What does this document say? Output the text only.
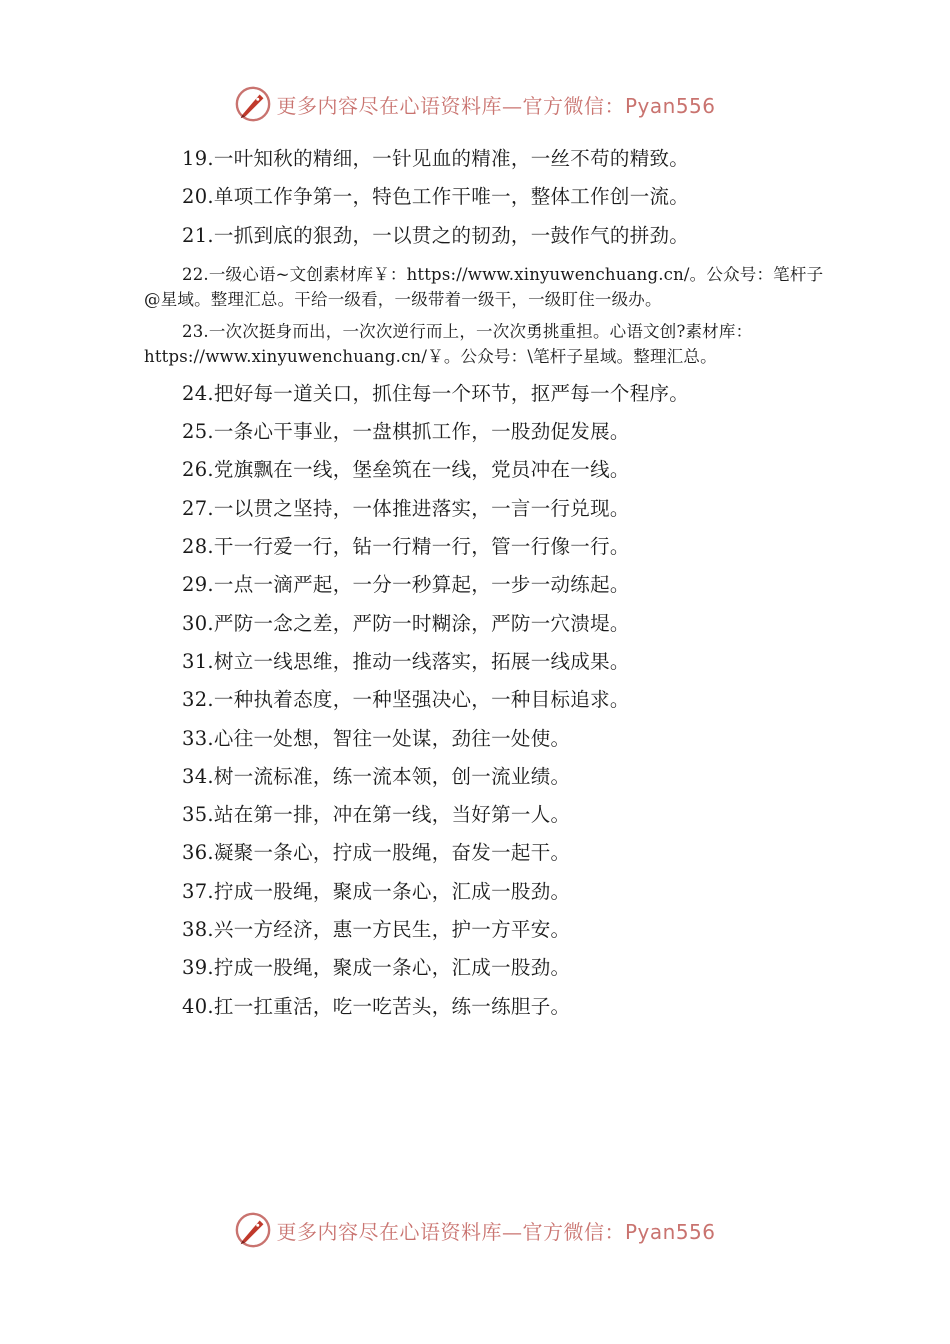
更多内容尽在心语资料库—官方微信：Pyan556
19.一叶知秋的精细，一针见血的精准，一丝不苟的精致。
20.单项工作争第一，特色工作干唯一，整体工作创一流。
21.一抓到底的狠劲，一以贯之的韧劲，一鼓作气的拼劲。
22.一级心语~文创素材库￥：https://www.xinyuwenchuang.cn/。公众号：笔杆子@星域。整理汇总。干给一级看，一级带着一级干，一级盯住一级办。
23.一次次挺身而出，一次次逆行而上，一次次勇挑重担。心语文创?素材库：https://www.xinyuwenchuang.cn/￥。公众号：\笔杆子星域。整理汇总。
24.把好每一道关口，抓住每一个环节，抠严每一个程序。
25.一条心干事业，一盘棋抓工作，一股劲促发展。
26.党旗飘在一线，堡垒筑在一线，党员冲在一线。
27.一以贯之坚持，一体推进落实，一言一行兑现。
28.干一行爱一行，钻一行精一行，管一行像一行。
29.一点一滴严起，一分一秒算起，一步一动练起。
30.严防一念之差，严防一时糊涂，严防一穴溃堤。
31.树立一线思维，推动一线落实，拓展一线成果。
32.一种执着态度，一种坚强决心，一种目标追求。
33.心往一处想，智往一处谋，劲往一处使。
34.树一流标准，练一流本领，创一流业绩。
35.站在第一排，冲在第一线，当好第一人。
36.凝聚一条心，拧成一股绳，奋发一起干。
37.拧成一股绳，聚成一条心，汇成一股劲。
38.兴一方经济，惠一方民生，护一方平安。
39.拧成一股绳，聚成一条心，汇成一股劲。
40.扛一扛重活，吃一吃苦头，练一练胆子。
更多内容尽在心语资料库—官方微信：Pyan556
